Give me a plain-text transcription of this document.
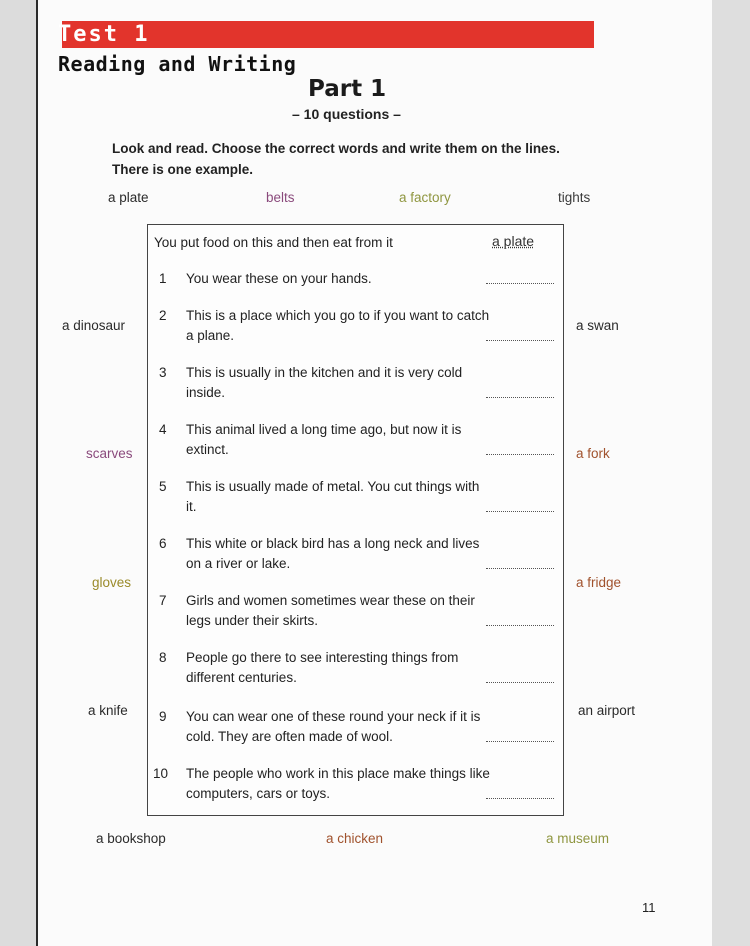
Test 1
Reading and Writing
Part 1
– 10 questions –
Look and read. Choose the correct words and write them on the lines. There is one example.
a plate	belts	a factory	tights
a dinosaur
scarves
gloves
a knife
a swan
a fork
a fridge
an airport
a bookshop	a chicken	a museum
You put food on this and then eat from it	a plate
1 You wear these on your hands.
2 This is a place which you go to if you want to catch a plane.
3 This is usually in the kitchen and it is very cold inside.
4 This animal lived a long time ago, but now it is extinct.
5 This is usually made of metal. You cut things with it.
6 This white or black bird has a long neck and lives on a river or lake.
7 Girls and women sometimes wear these on their legs under their skirts.
8 People go there to see interesting things from different centuries.
9 You can wear one of these round your neck if it is cold. They are often made of wool.
10 The people who work in this place make things like computers, cars or toys.
11
